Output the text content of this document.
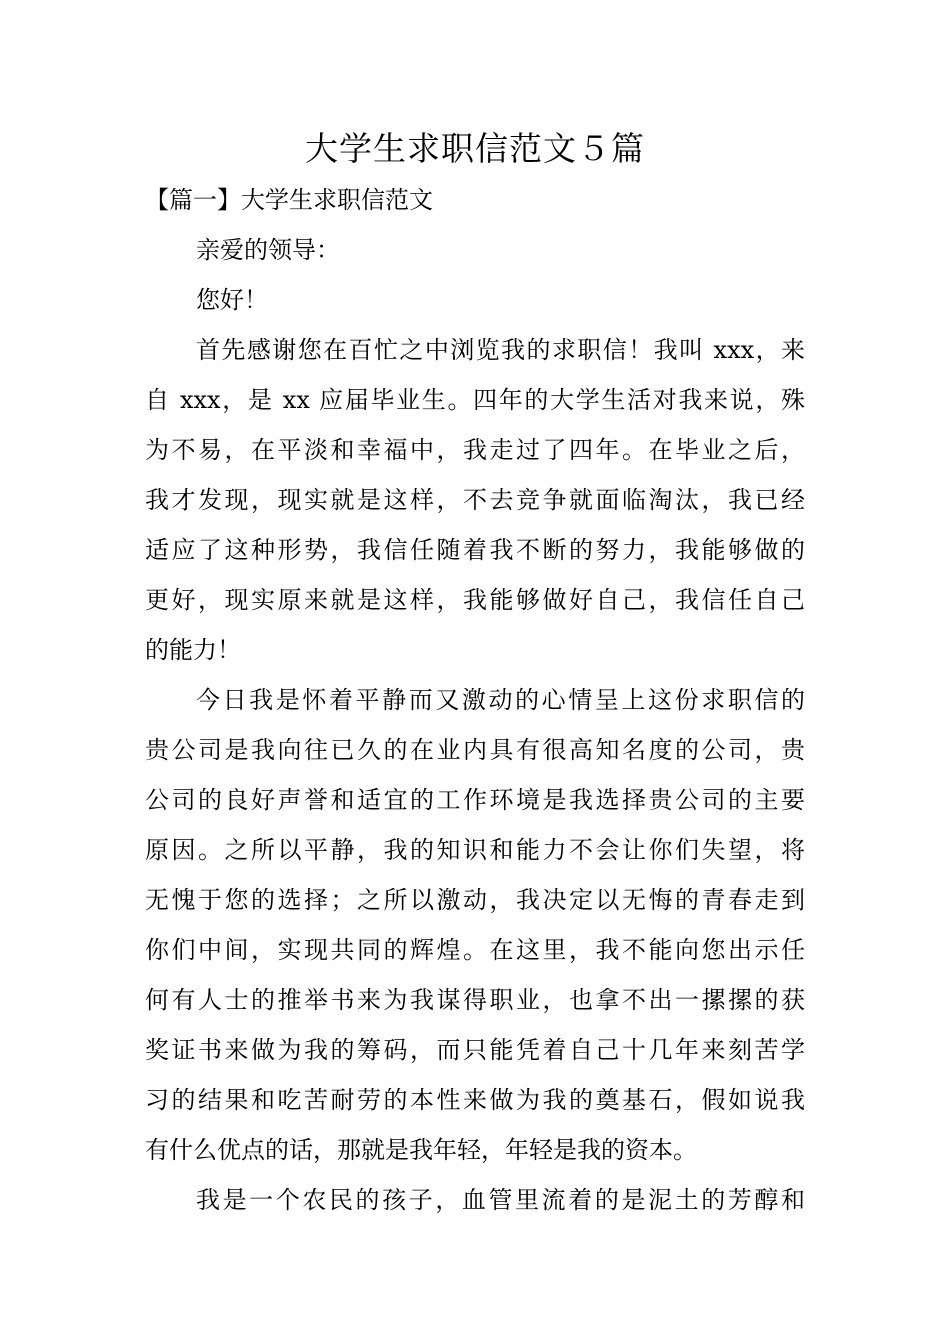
大学生求职信范文５篇
【篇一】大学生求职信范文
亲爱的领导：
您好！
首先感谢您在百忙之中浏览我的求职信！我叫 xxx，来
自 xxx，是 xx 应届毕业生。四年的大学生活对我来说，殊
为不易，在平淡和幸福中，我走过了四年。在毕业之后，
我才发现，现实就是这样，不去竞争就面临淘汰，我已经
适应了这种形势，我信任随着我不断的努力，我能够做的
更好，现实原来就是这样，我能够做好自己，我信任自己
的能力！
今日我是怀着平静而又激动的心情呈上这份求职信的
贵公司是我向往已久的在业内具有很高知名度的公司，贵
公司的良好声誉和适宜的工作环境是我选择贵公司的主要
原因。之所以平静，我的知识和能力不会让你们失望，将
无愧于您的选择；之所以激动，我决定以无悔的青春走到
你们中间，实现共同的辉煌。在这里，我不能向您出示任
何有人士的推举书来为我谋得职业，也拿不出一摞摞的获
奖证书来做为我的筹码，而只能凭着自己十几年来刻苦学
习的结果和吃苦耐劳的本性来做为我的奠基石，假如说我
有什么优点的话，那就是我年轻，年轻是我的资本。
我是一个农民的孩子，血管里流着的是泥土的芳醇和
